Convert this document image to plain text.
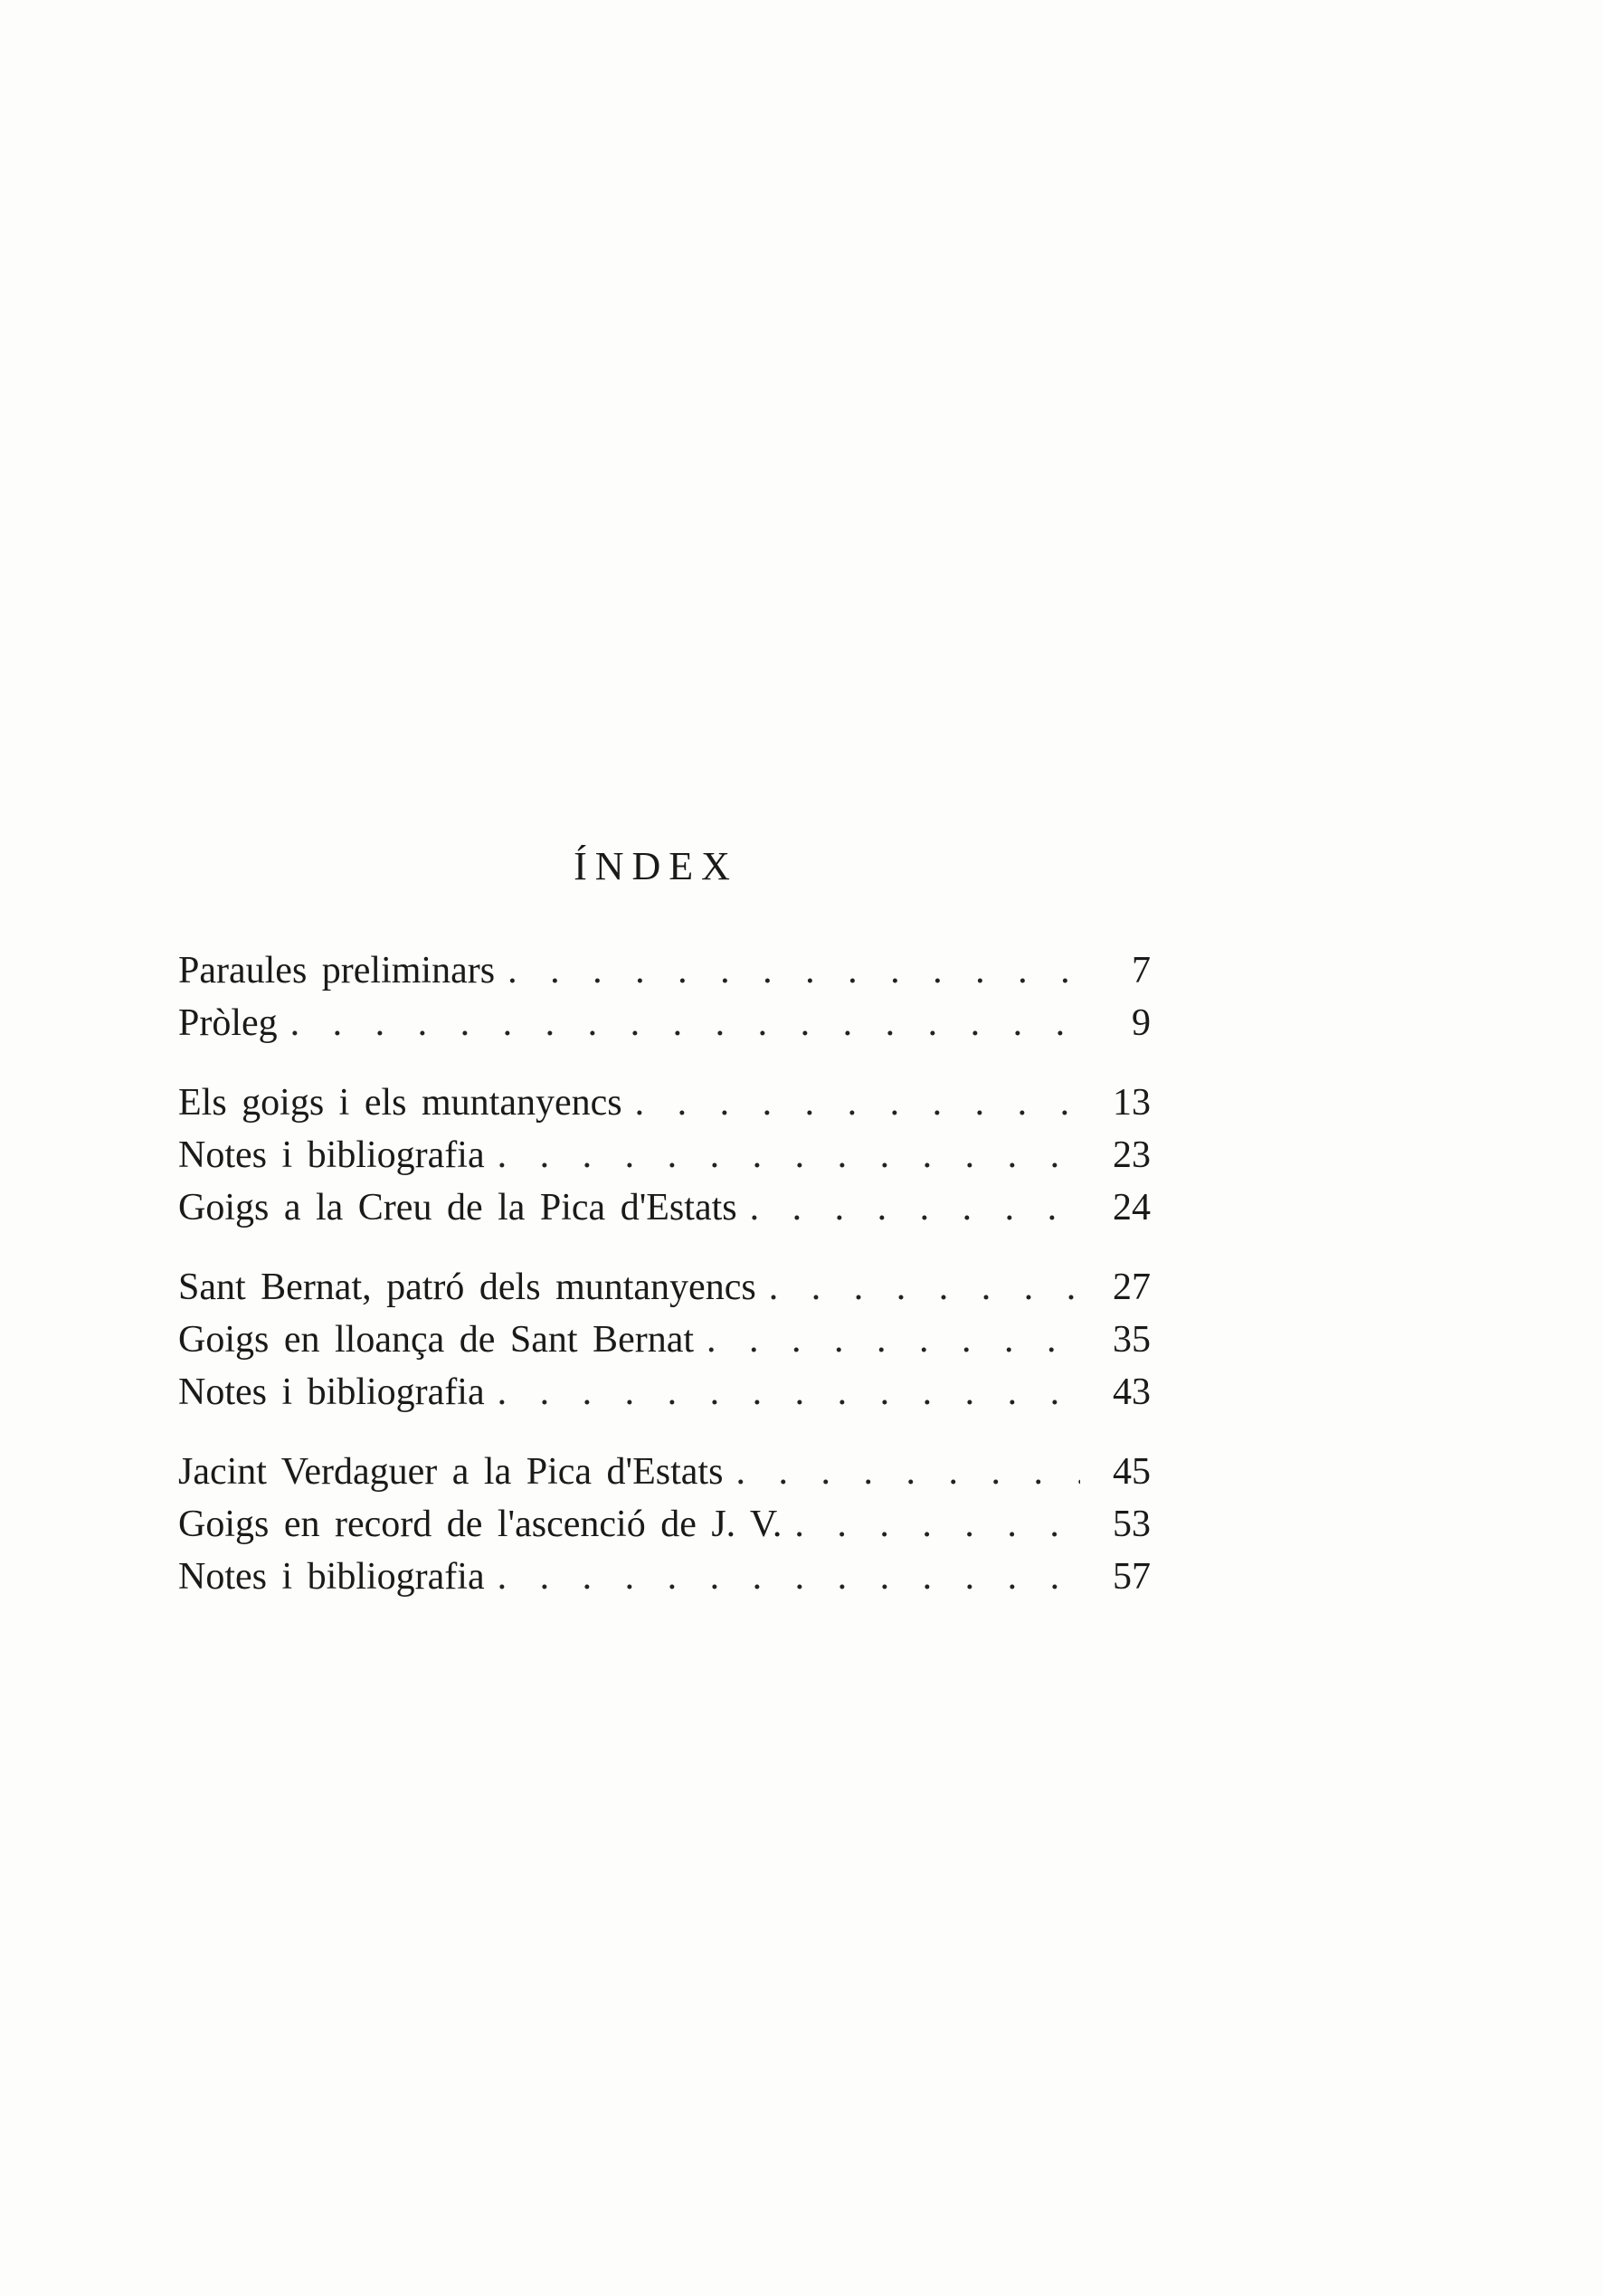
ÍNDEX
Paraules preliminars . . .	7
Pròleg . . .	9
Els goigs i els muntanyencs . . .	13
Notes i bibliografia . . .	23
Goigs a la Creu de la Pica d'Estats . . .	24
Sant Bernat, patró dels muntanyencs . . .	27
Goigs en lloança de Sant Bernat . . .	35
Notes i bibliografia . . .	43
Jacint Verdaguer a la Pica d'Estats . . .	45
Goigs en record de l'ascenció de J. V. . . .	53
Notes i bibliografia . . .	57
